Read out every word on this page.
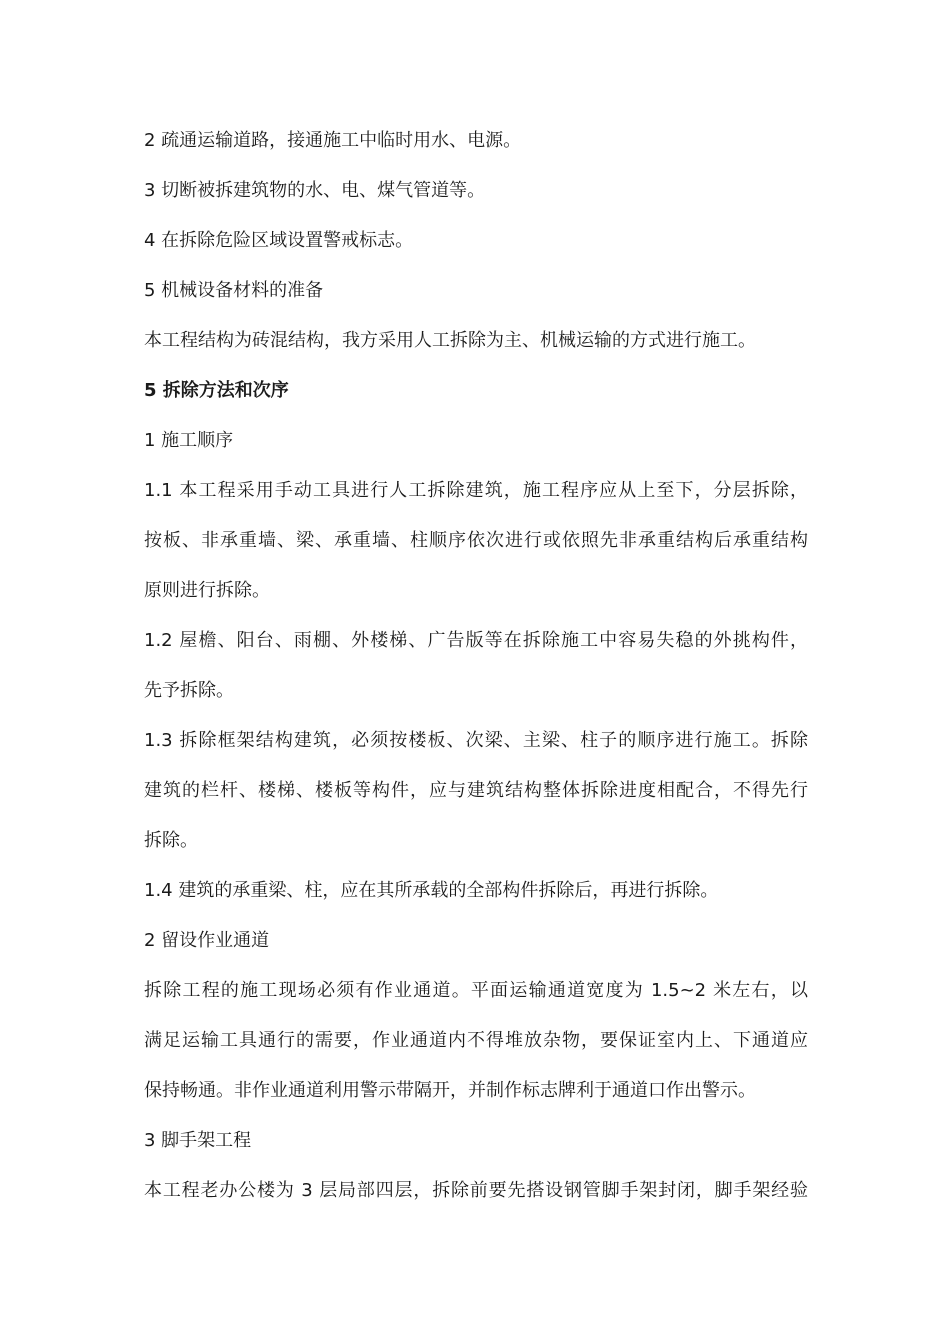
2 疏通运输道路，接通施工中临时用水、电源。
3 切断被拆建筑物的水、电、煤气管道等。
4 在拆除危险区域设置警戒标志。
5 机械设备材料的准备
本工程结构为砖混结构，我方采用人工拆除为主、机械运输的方式进行施工。
5 拆除方法和次序
1 施工顺序
1.1 本工程采用手动工具进行人工拆除建筑，施工程序应从上至下，分层拆除，
按板、非承重墙、梁、承重墙、柱顺序依次进行或依照先非承重结构后承重结构
原则进行拆除。
1.2 屋檐、阳台、雨棚、外楼梯、广告版等在拆除施工中容易失稳的外挑构件，
先予拆除。
1.3 拆除框架结构建筑，必须按楼板、次梁、主梁、柱子的顺序进行施工。拆除
建筑的栏杆、楼梯、楼板等构件，应与建筑结构整体拆除进度相配合，不得先行
拆除。
1.4 建筑的承重梁、柱，应在其所承载的全部构件拆除后，再进行拆除。
2 留设作业通道
拆除工程的施工现场必须有作业通道。平面运输通道宽度为 1.5~2 米左右，以
满足运输工具通行的需要，作业通道内不得堆放杂物，要保证室内上、下通道应
保持畅通。非作业通道利用警示带隔开，并制作标志牌利于通道口作出警示。
3 脚手架工程
本工程老办公楼为 3 层局部四层，拆除前要先搭设钢管脚手架封闭，脚手架经验
